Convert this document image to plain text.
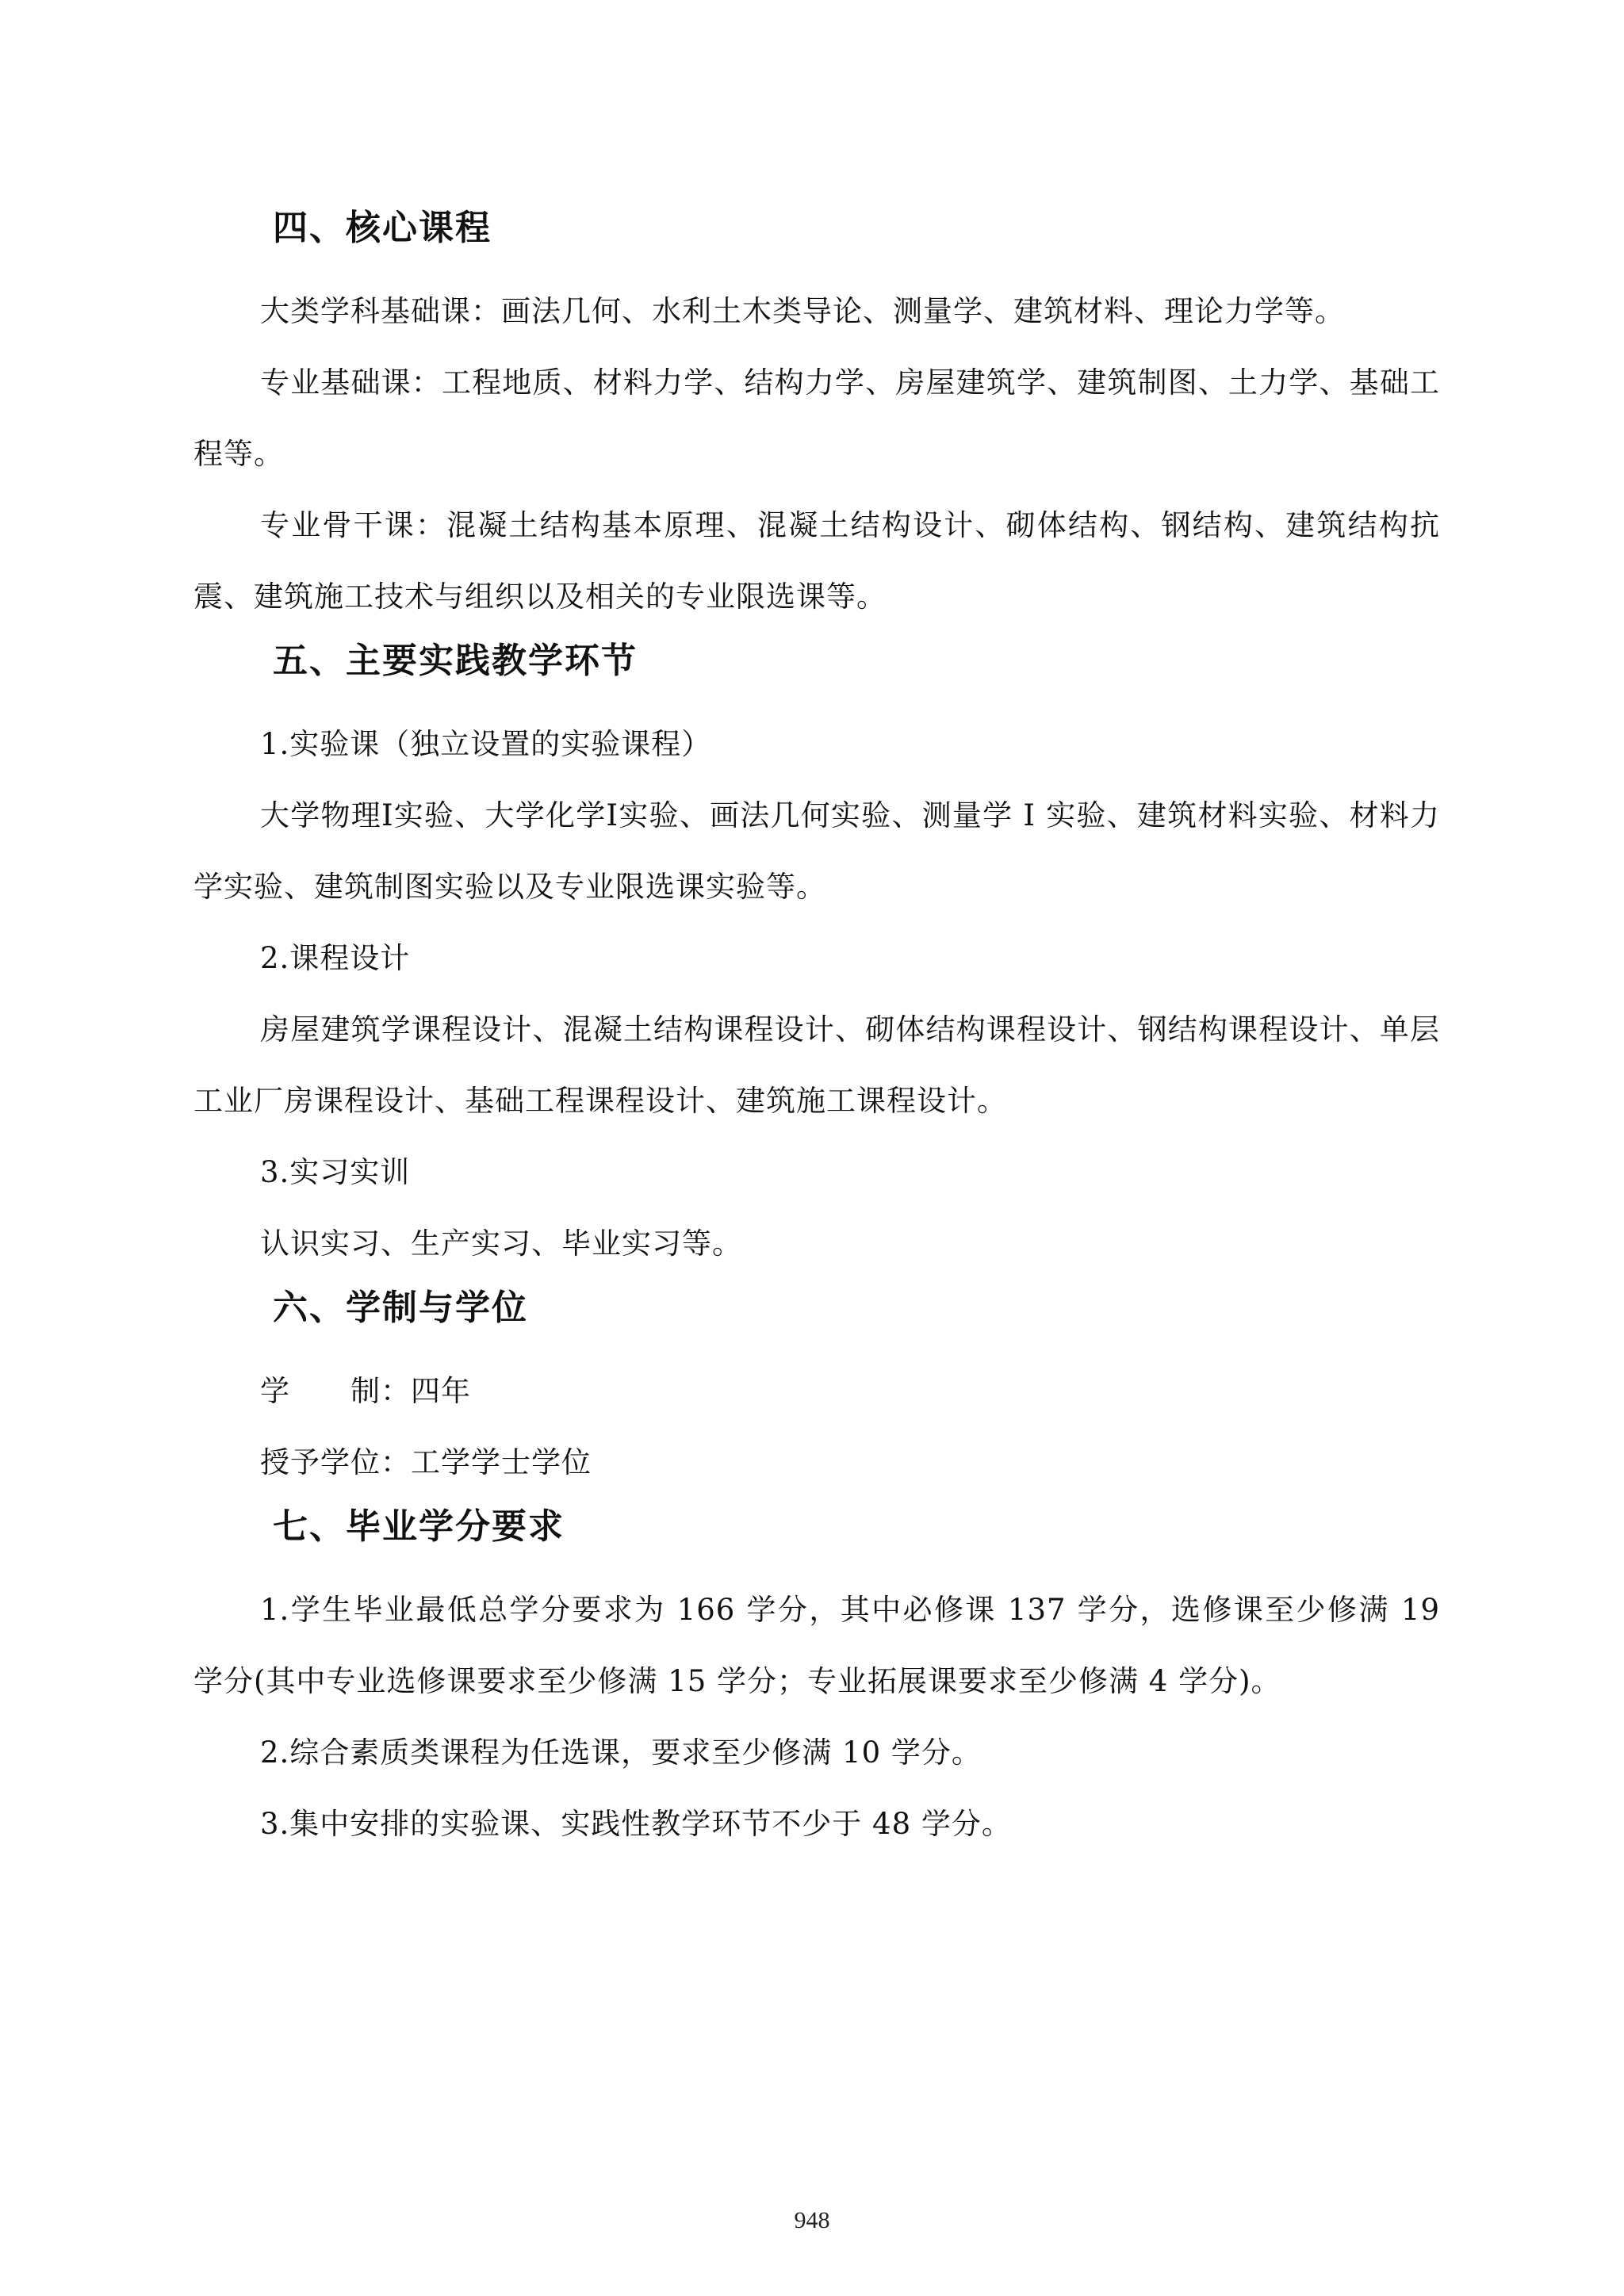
四、核心课程

大类学科基础课：画法几何、水利土木类导论、测量学、建筑材料、理论力学等。

专业基础课：工程地质、材料力学、结构力学、房屋建筑学、建筑制图、土力学、基础工程等。

专业骨干课：混凝土结构基本原理、混凝土结构设计、砌体结构、钢结构、建筑结构抗震、建筑施工技术与组织以及相关的专业限选课等。

五、主要实践教学环节

1.实验课（独立设置的实验课程）

大学物理Ⅰ实验、大学化学Ⅰ实验、画法几何实验、测量学 Ⅰ 实验、建筑材料实验、材料力学实验、建筑制图实验以及专业限选课实验等。

2.课程设计

房屋建筑学课程设计、混凝土结构课程设计、砌体结构课程设计、钢结构课程设计、单层工业厂房课程设计、基础工程课程设计、建筑施工课程设计。

3.实习实训

认识实习、生产实习、毕业实习等。

六、学制与学位

学　　制：四年

授予学位：工学学士学位

七、毕业学分要求

1.学生毕业最低总学分要求为 166 学分，其中必修课 137 学分，选修课至少修满 19 学分(其中专业选修课要求至少修满 15 学分；专业拓展课要求至少修满 4 学分)。

2.综合素质类课程为任选课，要求至少修满 10 学分。

3.集中安排的实验课、实践性教学环节不少于 48 学分。

948
